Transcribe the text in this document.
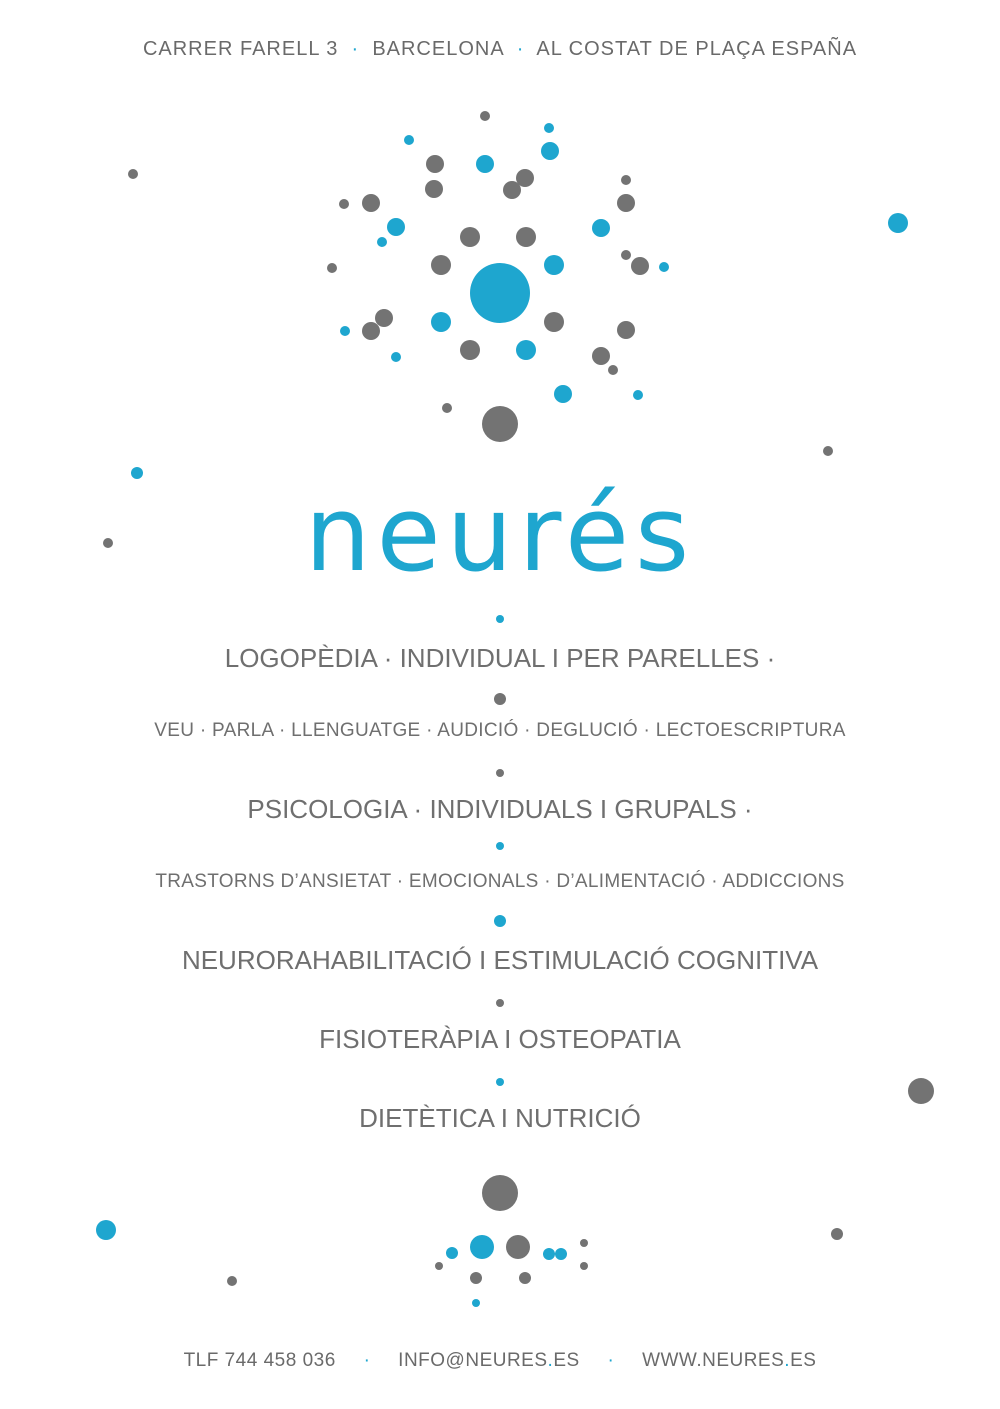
CARRER FARELL 3 · BARCELONA · AL COSTAT DE PLAÇA ESPAÑA
neurés

LOGOPÈDIA · INDIVIDUAL I PER PARELLES ·

VEU · PARLA · LLENGUATGE · AUDICIÓ · DEGLUCIÓ · LECTOESCRIPTURA

PSICOLOGIA · INDIVIDUALS I GRUPALS ·

TRASTORNS D’ANSIETAT · EMOCIONALS · D’ALIMENTACIÓ · ADDICCIONS

NEURORAHABILITACIÓ I ESTIMULACIÓ COGNITIVA

FISIOTERÀPIA I OSTEOPATIA

DIETÈTICA I NUTRICIÓ

TLF 744 458 036 · INFO@NEURES.ES · WWW.NEURES.ES
